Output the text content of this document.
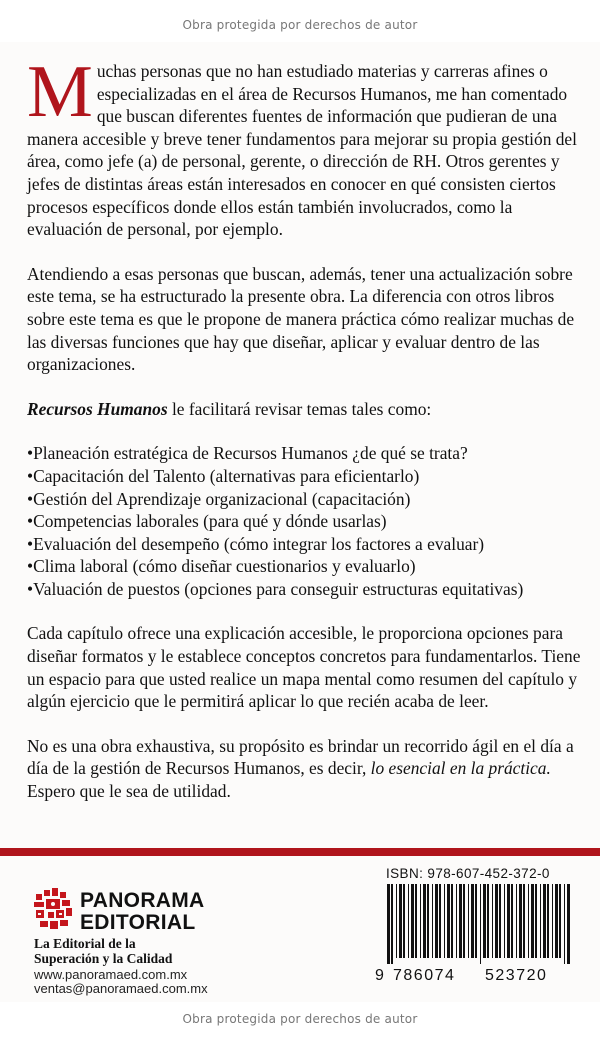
Obra protegida por derechos de autor

Muchas personas que no han estudiado materias y carreras afines o especializadas en el área de Recursos Humanos, me han comentado que buscan diferentes fuentes de información que pudieran de una manera accesible y breve tener fundamentos para mejorar su propia gestión del área, como jefe (a) de personal, gerente, o dirección de RH. Otros gerentes y jefes de distintas áreas están interesados en conocer en qué consisten ciertos procesos específicos donde ellos están también involucrados, como la evaluación de personal, por ejemplo.

Atendiendo a esas personas que buscan, además, tener una actualización sobre este tema, se ha estructurado la presente obra. La diferencia con otros libros sobre este tema es que le propone de manera práctica cómo realizar muchas de las diversas funciones que hay que diseñar, aplicar y evaluar dentro de las organizaciones.

Recursos Humanos le facilitará revisar temas tales como:

• Planeación estratégica de Recursos Humanos ¿de qué se trata?
• Capacitación del Talento (alternativas para eficientarlo)
• Gestión del Aprendizaje organizacional (capacitación)
• Competencias laborales (para qué y dónde usarlas)
• Evaluación del desempeño (cómo integrar los factores a evaluar)
• Clima laboral (cómo diseñar cuestionarios y evaluarlo)
• Valuación de puestos (opciones para conseguir estructuras equitativas)

Cada capítulo ofrece una explicación accesible, le proporciona opciones para diseñar formatos y le establece conceptos concretos para fundamentarlos. Tiene un espacio para que usted realice un mapa mental como resumen del capítulo y algún ejercicio que le permitirá aplicar lo que recién acaba de leer.

No es una obra exhaustiva, su propósito es brindar un recorrido ágil en el día a día de la gestión de Recursos Humanos, es decir, lo esencial en la práctica. Espero que le sea de utilidad.

PANORAMA
EDITORIAL
La Editorial de la
Superación y la Calidad
www.panoramaed.com.mx
ventas@panoramaed.com.mx
ISBN: 978-607-452-372-0
9 786074 523720
Obra protegida por derechos de autor
